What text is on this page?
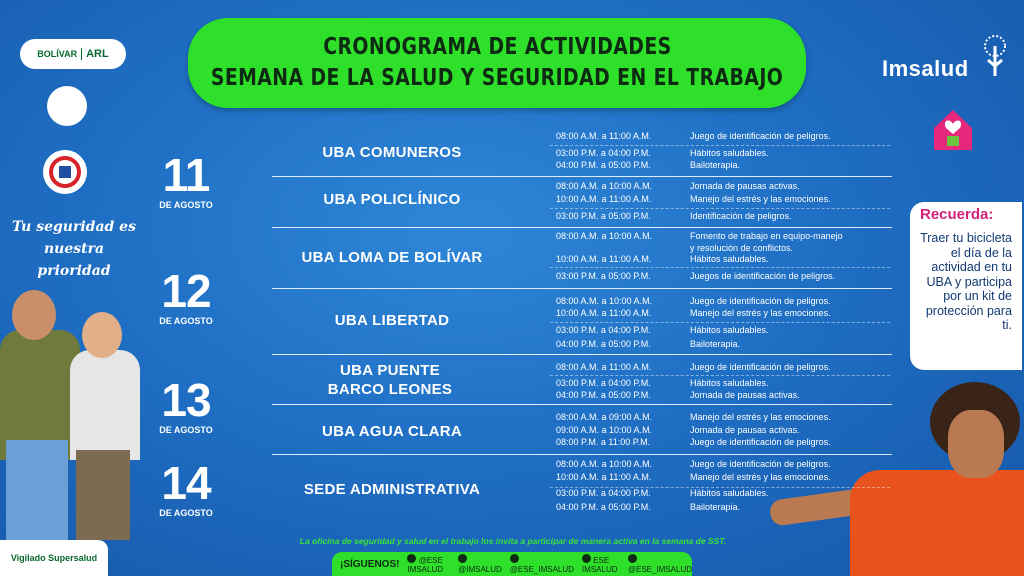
CRONOGRAMA DE ACTIVIDADES
SEMANA DE LA SALUD Y SEGURIDAD EN EL TRABAJO
BOLÍVAR ARL
Tu seguridad es nuestra prioridad
Vigilado Supersalud
Imsalud
Recuerda:
Traer tu bicicleta el día de la actividad en tu UBA y participa por un kit de protección para ti.
11
DE AGOSTO
12
DE AGOSTO
13
DE AGOSTO
14
DE AGOSTO
UBA COMUNEROS
UBA POLICLÍNICO
UBA LOMA DE BOLÍVAR
UBA LIBERTAD
UBA PUENTE BARCO LEONES
UBA AGUA CLARA
SEDE ADMINISTRATIVA
08:00 A.M. a 11:00 A.M.	Juego de identificación de peligros.
03:00 P.M. a 04:00 P.M.	Hábitos saludables.
04:00 P.M. a 05:00 P.M.	Bailoterapia.
08:00 A.M. a 10:00 A.M.	Jornada de pausas activas.
10:00 A.M. a 11:00 A.M.	Manejo del estrés y las emociones.
03:00 P.M. a 05:00 P.M.	Identificación de peligros.
08:00 A.M. a 10:00 A.M.	Fomento de trabajo en equipo-manejo
y resolución de conflictos.
10:00 A.M. a 11:00 A.M.	Hábitos saludables.
03:00 P.M. a 05:00 P.M.	Juegos de identificación de peligros.
08:00 A.M. a 10:00 A.M.	Juego de identificación de peligros.
10:00 A.M. a 11:00 A.M.	Manejo del estrés y las emociones.
03:00 P.M. a 04:00 P.M.	Hábitos saludables.
04:00 P.M. a 05:00 P.M.	Bailoterapia.
08:00 A.M. a 11:00 A.M.	Juego de identificación de peligros.
03:00 P.M. a 04:00 P.M.	Hábitos saludables.
04:00 P.M. a 05:00 P.M.	Jornada de pausas activas.
08:00 A.M. a 09:00 A.M.	Manejo del estrés y las emociones.
09:00 A.M. a 10:00 A.M.	Jornada de pausas activas.
08:00 P.M. a 11:00 P.M.	Juego de identificación de peligros.
08:00 A.M. a 10:00 A.M.	Juego de identificación de peligros.
10:00 A.M. a 11:00 A.M.	Manejo del estrés y las emociones.
03:00 P.M. a 04:00 P.M.	Hábitos saludables.
04:00 P.M. a 05:00 P.M.	Bailoterapia.
La oficina de seguridad y salud en el trabajo los invita a participar de manera activa en la semana de SST.
¡SÍGUENOS!	@ESE IMSALUD	@IMSALUD @ESE_IMSALUD
ESE IMSALUD @ESE_IMSALUD
